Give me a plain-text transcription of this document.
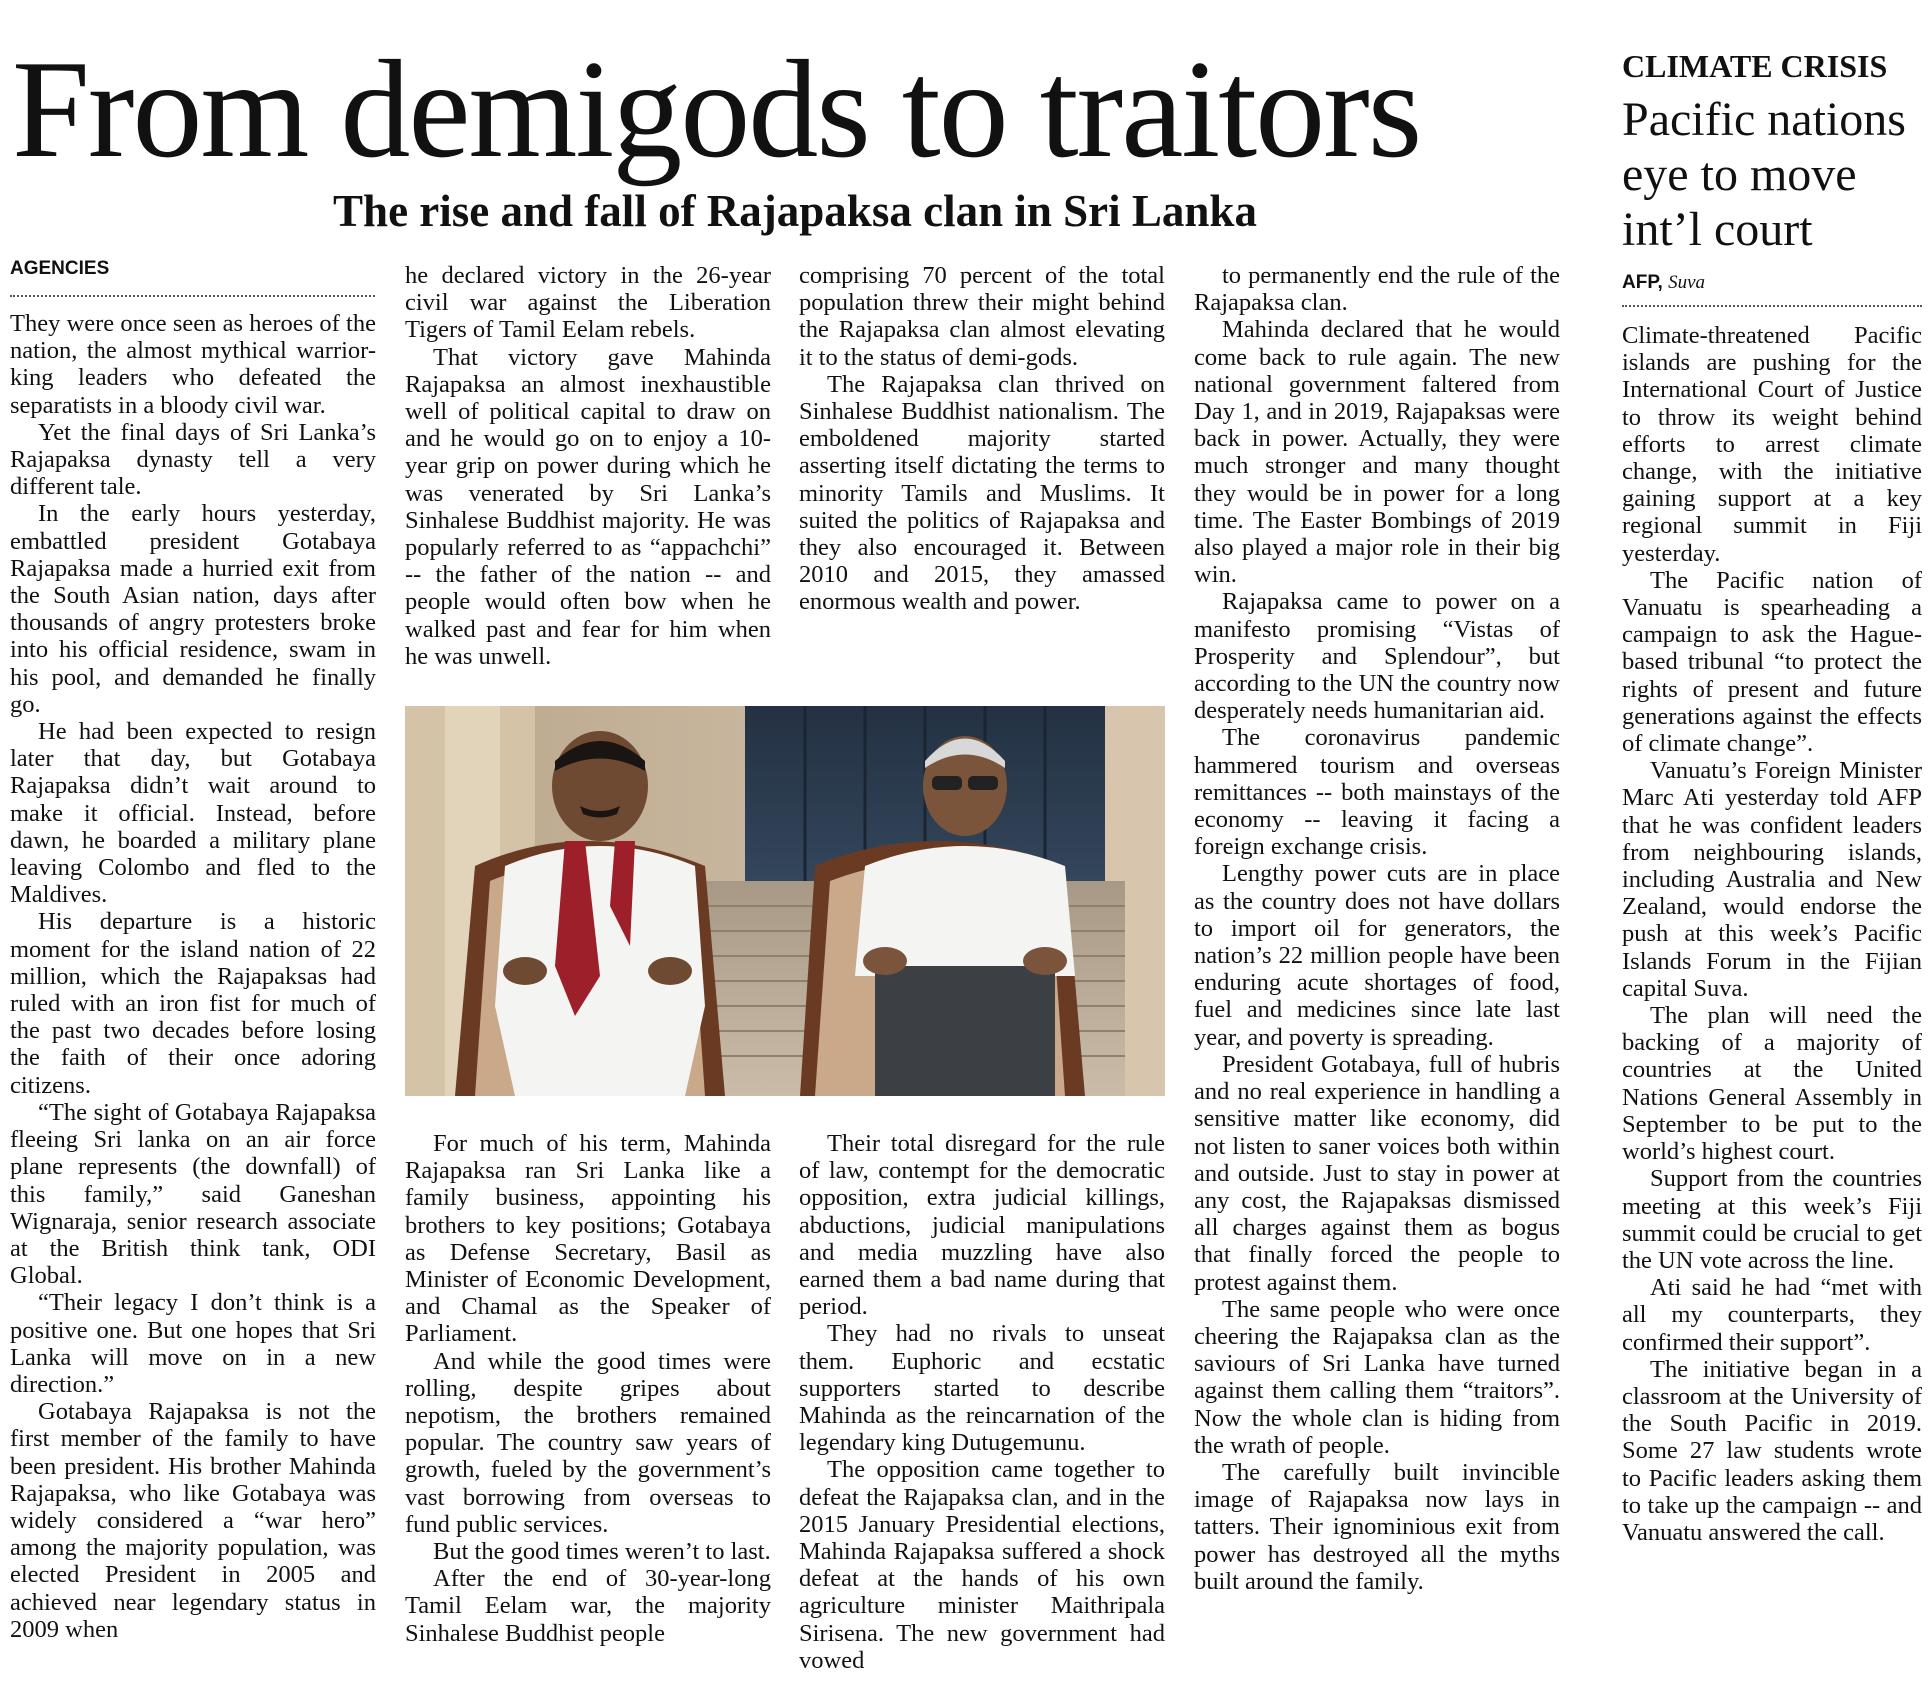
From demigods to traitors
The rise and fall of Rajapaksa clan in Sri Lanka
AGENCIES

They were once seen as heroes of the nation, the almost mythical warrior-king leaders who defeated the separatists in a bloody civil war.

Yet the final days of Sri Lanka’s Rajapaksa dynasty tell a very different tale.

In the early hours yesterday, embattled president Gotabaya Rajapaksa made a hurried exit from the South Asian nation, days after thousands of angry protesters broke into his official residence, swam in his pool, and demanded he finally go.

He had been expected to resign later that day, but Gotabaya Rajapaksa didn’t wait around to make it official. Instead, before dawn, he boarded a military plane leaving Colombo and fled to the Maldives.

His departure is a historic moment for the island nation of 22 million, which the Rajapaksas had ruled with an iron fist for much of the past two decades before losing the faith of their once adoring citizens.

“The sight of Gotabaya Rajapaksa fleeing Sri lanka on an air force plane represents (the downfall) of this family,” said Ganeshan Wignaraja, senior research associate at the British think tank, ODI Global.

“Their legacy I don’t think is a positive one. But one hopes that Sri Lanka will move on in a new direction.”

Gotabaya Rajapaksa is not the first member of the family to have been president. His brother Mahinda Rajapaksa, who like Gotabaya was widely considered a “war hero” among the majority population, was elected President in 2005 and achieved near legendary status in 2009 when

he declared victory in the 26-year civil war against the Liberation Tigers of Tamil Eelam rebels.

That victory gave Mahinda Rajapaksa an almost inexhaustible well of political capital to draw on and he would go on to enjoy a 10-year grip on power during which he was venerated by Sri Lanka’s Sinhalese Buddhist majority. He was popularly referred to as “appachchi” -- the father of the nation -- and people would often bow when he walked past and fear for him when he was unwell.

comprising 70 percent of the total population threw their might behind the Rajapaksa clan almost elevating it to the status of demi-gods.

The Rajapaksa clan thrived on Sinhalese Buddhist nationalism. The emboldened majority started asserting itself dictating the terms to minority Tamils and Muslims. It suited the politics of Rajapaksa and they also encouraged it. Between 2010 and 2015, they amassed enormous wealth and power.

For much of his term, Mahinda Rajapaksa ran Sri Lanka like a family business, appointing his brothers to key positions; Gotabaya as Defense Secretary, Basil as Minister of Economic Development, and Chamal as the Speaker of Parliament.

And while the good times were rolling, despite gripes about nepotism, the brothers remained popular. The country saw years of growth, fueled by the government’s vast borrowing from overseas to fund public services.

But the good times weren’t to last.

After the end of 30-year-long Tamil Eelam war, the majority Sinhalese Buddhist people

Their total disregard for the rule of law, contempt for the democratic opposition, extra judicial killings, abductions, judicial manipulations and media muzzling have also earned them a bad name during that period.

They had no rivals to unseat them. Euphoric and ecstatic supporters started to describe Mahinda as the reincarnation of the legendary king Dutugemunu.

The opposition came together to defeat the Rajapaksa clan, and in the 2015 January Presidential elections, Mahinda Rajapaksa suffered a shock defeat at the hands of his own agriculture minister Maithripala Sirisena. The new government had vowed

to permanently end the rule of the Rajapaksa clan.

Mahinda declared that he would come back to rule again. The new national government faltered from Day 1, and in 2019, Rajapaksas were back in power. Actually, they were much stronger and many thought they would be in power for a long time. The Easter Bombings of 2019 also played a major role in their big win.

Rajapaksa came to power on a manifesto promising “Vistas of Prosperity and Splendour”, but according to the UN the country now desperately needs humanitarian aid.

The coronavirus pandemic hammered tourism and overseas remittances -- both mainstays of the economy -- leaving it facing a foreign exchange crisis.

Lengthy power cuts are in place as the country does not have dollars to import oil for generators, the nation’s 22 million people have been enduring acute shortages of food, fuel and medicines since late last year, and poverty is spreading.

President Gotabaya, full of hubris and no real experience in handling a sensitive matter like economy, did not listen to saner voices both within and outside. Just to stay in power at any cost, the Rajapaksas dismissed all charges against them as bogus that finally forced the people to protest against them.

The same people who were once cheering the Rajapaksa clan as the saviours of Sri Lanka have turned against them calling them “traitors”. Now the whole clan is hiding from the wrath of people.

The carefully built invincible image of Rajapaksa now lays in tatters. Their ignominious exit from power has destroyed all the myths built around the family.

CLIMATE CRISIS
Pacific nations eye to move int’l court
AFP, Suva

Climate-threatened Pacific islands are pushing for the International Court of Justice to throw its weight behind efforts to arrest climate change, with the initiative gaining support at a key regional summit in Fiji yesterday.

The Pacific nation of Vanuatu is spearheading a campaign to ask the Hague-based tribunal “to protect the rights of present and future generations against the effects of climate change”.

Vanuatu’s Foreign Minister Marc Ati yesterday told AFP that he was confident leaders from neighbouring islands, including Australia and New Zealand, would endorse the push at this week’s Pacific Islands Forum in the Fijian capital Suva.

The plan will need the backing of a majority of countries at the United Nations General Assembly in September to be put to the world’s highest court.

Support from the countries meeting at this week’s Fiji summit could be crucial to get the UN vote across the line.

Ati said he had “met with all my counterparts, they confirmed their support”.

The initiative began in a classroom at the University of the South Pacific in 2019. Some 27 law students wrote to Pacific leaders asking them to take up the campaign -- and Vanuatu answered the call.
